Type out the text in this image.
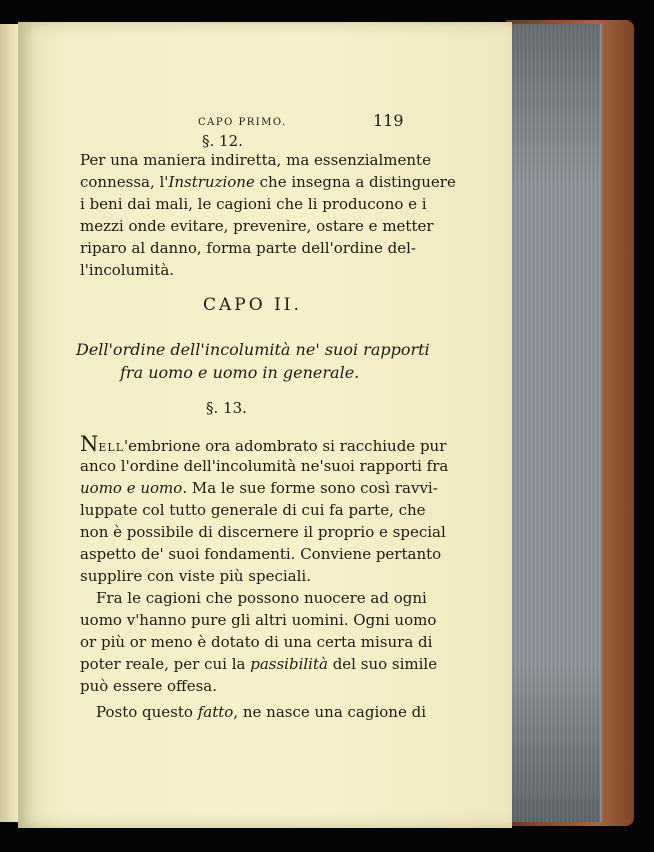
CAPO PRIMO.	119
§. 12.
Per una maniera indiretta, ma essenzialmente
connessa, l'Instruzione che insegna a distinguere
i beni dai mali, le cagioni che li producono e i
mezzi onde evitare, prevenire, ostare e metter
riparo al danno, forma parte dell'ordine del-
l'incolumità.
CAPO II.
Dell'ordine dell'incolumità ne' suoi rapporti
fra uomo e uomo in generale.
§. 13.
NELL'embrione ora adombrato si racchiude pur
anco l'ordine dell'incolumità ne'suoi rapporti fra
uomo e uomo. Ma le sue forme sono così ravvi-
luppate col tutto generale di cui fa parte, che
non è possibile di discernere il proprio e special
aspetto de' suoi fondamenti. Conviene pertanto
supplire con viste più speciali.
Fra le cagioni che possono nuocere ad ogni
uomo v'hanno pure gli altri uomini. Ogni uomo
or più or meno è dotato di una certa misura di
poter reale, per cui la passibilità del suo simile
può essere offesa.
Posto questo fatto, ne nasce una cagione di
